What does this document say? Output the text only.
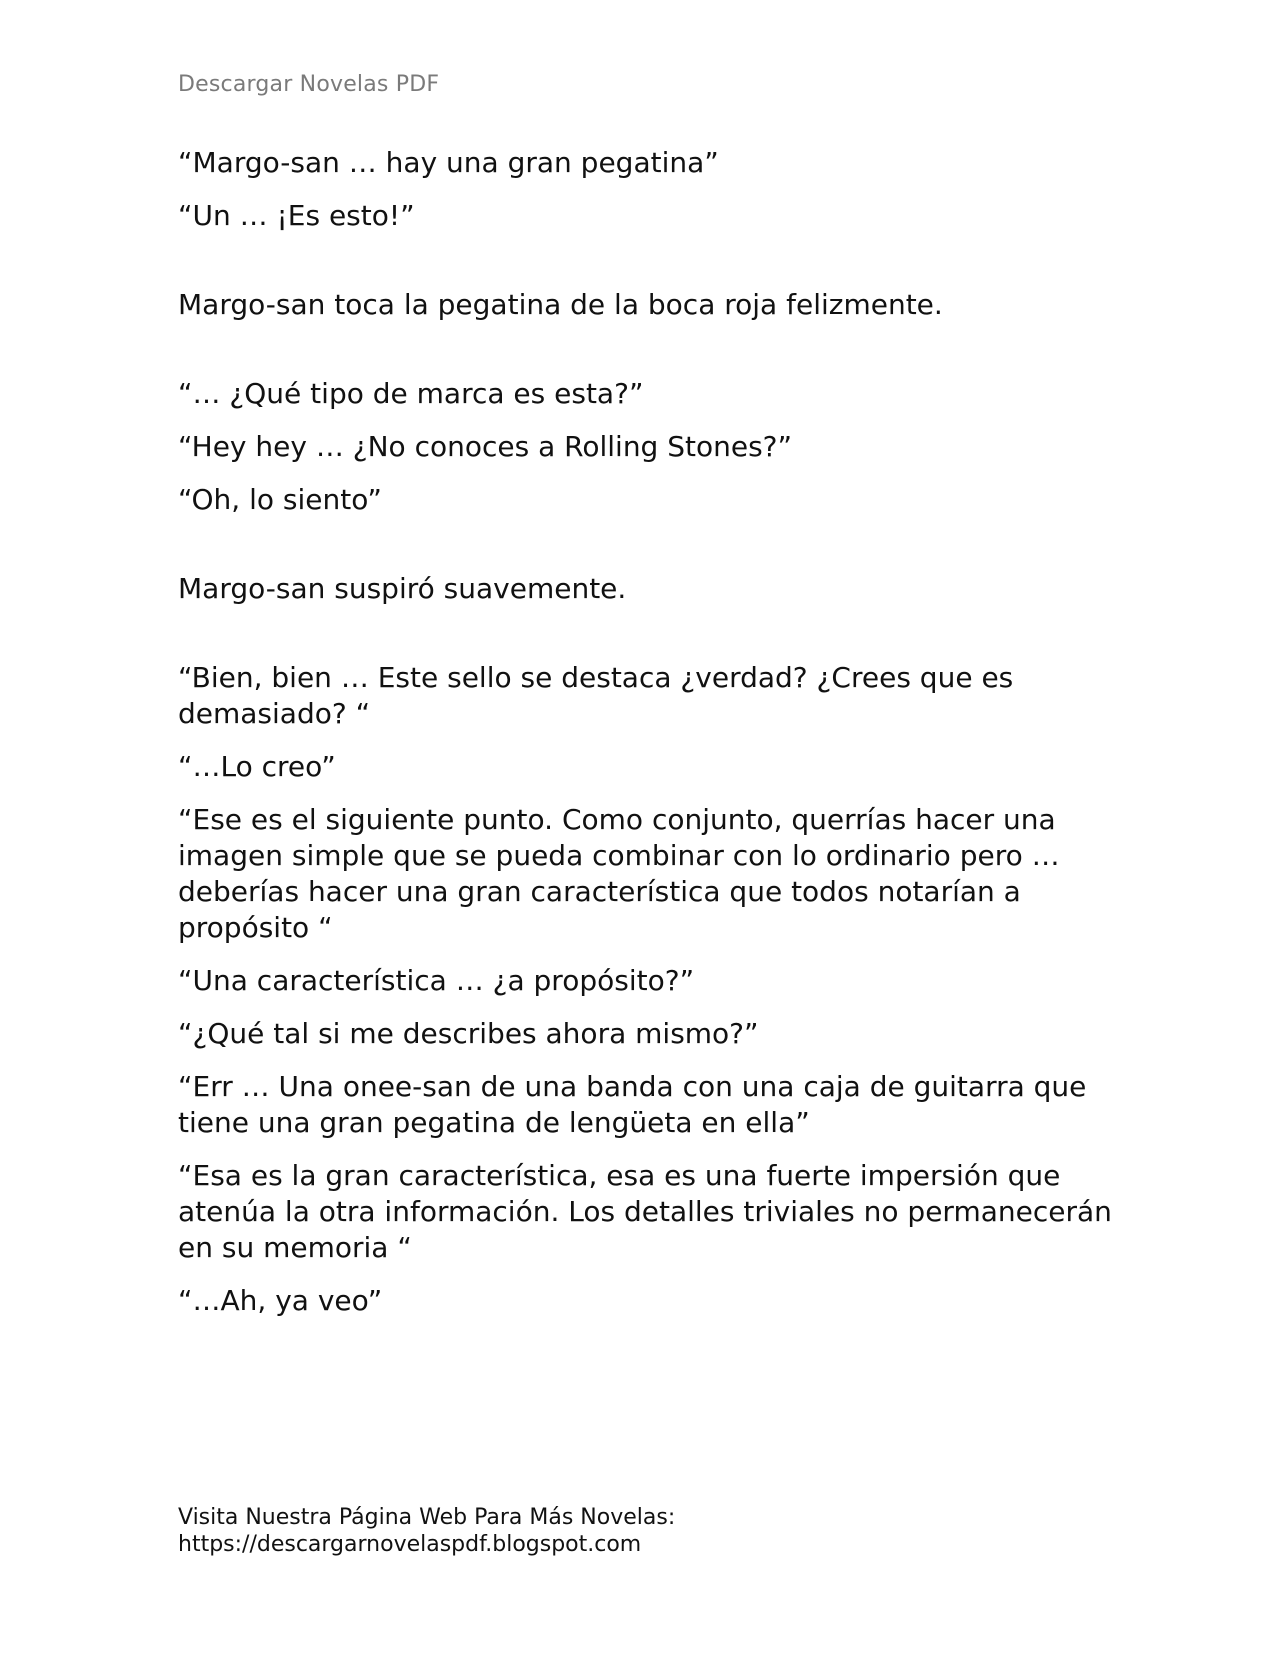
Descargar Novelas PDF

“Margo-san … hay una gran pegatina”

“Un … ¡Es esto!”

Margo-san toca la pegatina de la boca roja felizmente.

“… ¿Qué tipo de marca es esta?”

“Hey hey … ¿No conoces a Rolling Stones?”

“Oh, lo siento”

Margo-san suspiró suavemente.

“Bien, bien … Este sello se destaca ¿verdad? ¿Crees que es demasiado? “

“…Lo creo”

“Ese es el siguiente punto. Como conjunto, querrías hacer una imagen simple que se pueda combinar con lo ordinario pero … deberías hacer una gran característica que todos notarían a propósito “

“Una característica … ¿a propósito?”

“¿Qué tal si me describes ahora mismo?”

“Err … Una onee-san de una banda con una caja de guitarra que tiene una gran pegatina de lengüeta en ella”

“Esa es la gran característica, esa es una fuerte impersión que atenúa la otra información. Los detalles triviales no permanecerán en su memoria “

“…Ah, ya veo”

Visita Nuestra Página Web Para Más Novelas:
https://descargarnovelaspdf.blogspot.com
